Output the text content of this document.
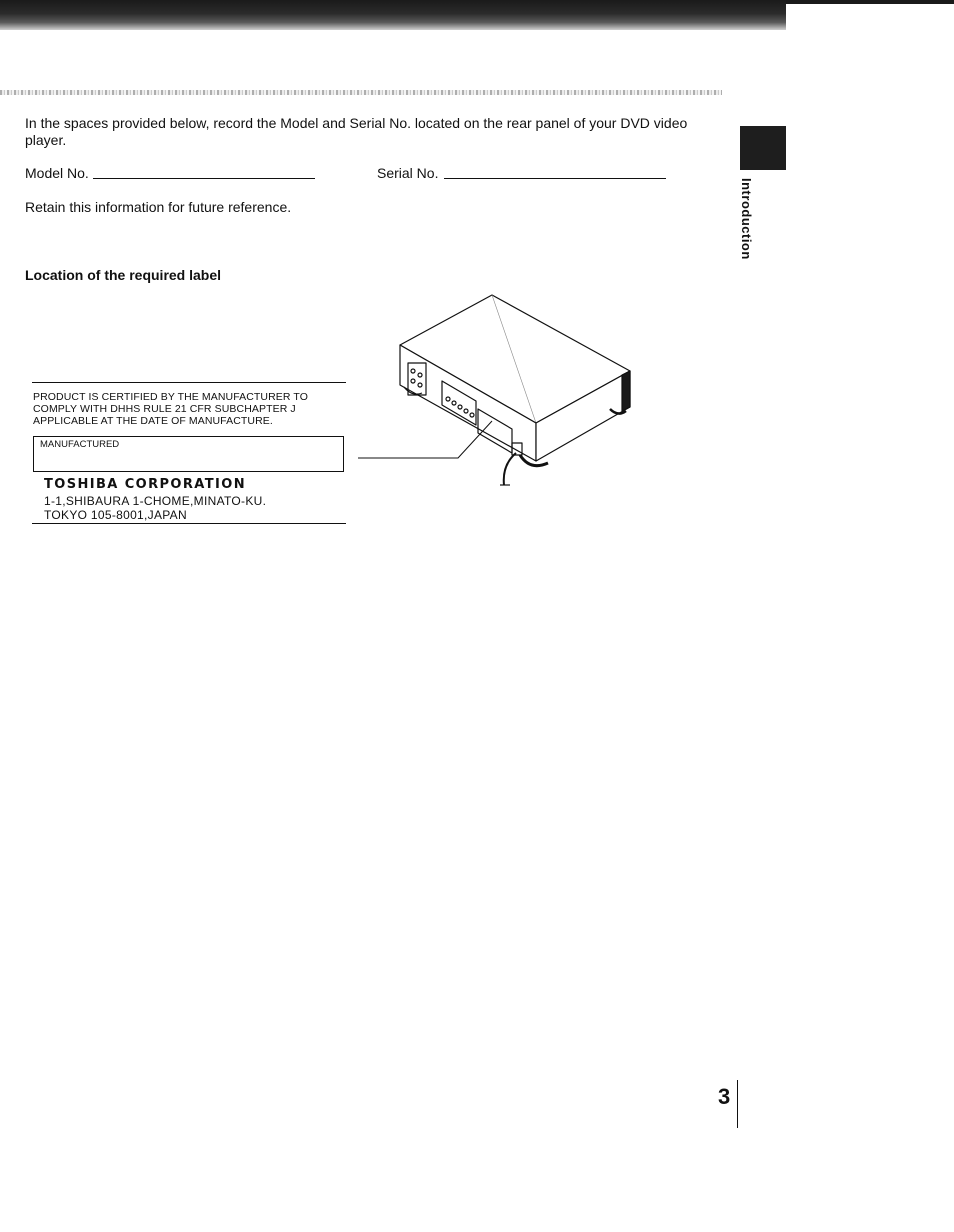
In the spaces provided below, record the Model and Serial No. located on the rear panel of your DVD video player.

Model No.	Serial No.

Retain this information for future reference.

Location of the required label
Introduction
PRODUCT IS CERTIFIED BY THE MANUFACTURER TO
COMPLY WITH DHHS RULE 21 CFR SUBCHAPTER J
APPLICABLE AT THE DATE OF MANUFACTURE.
MANUFACTURED
TOSHIBA CORPORATION
1-1,SHIBAURA 1-CHOME,MINATO-KU.
TOKYO 105-8001,JAPAN
3
